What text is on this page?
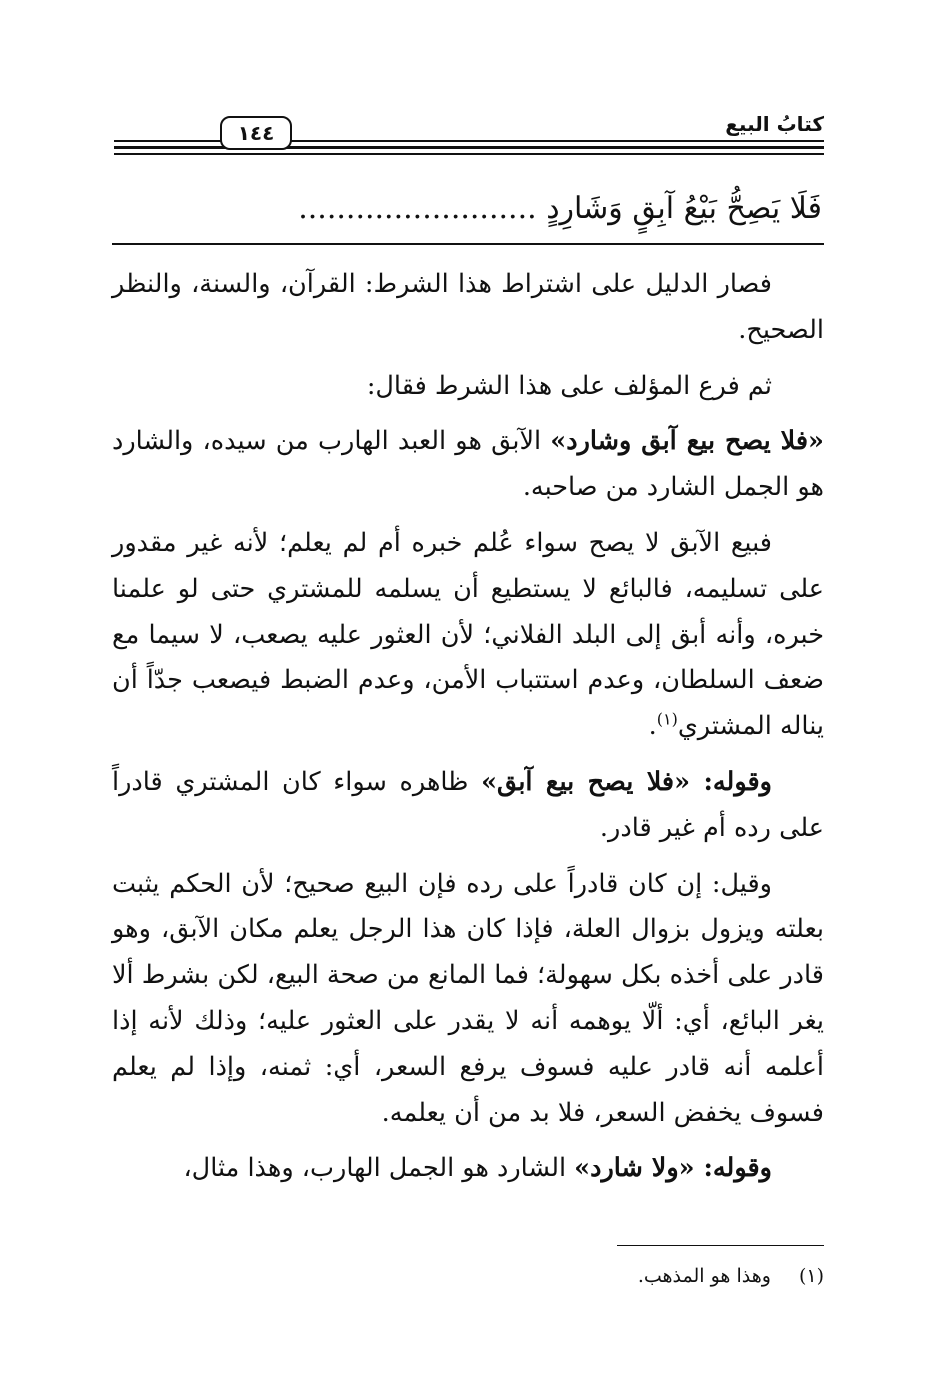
كتابُ البيع
١٤٤
فَلَا يَصِحُّ بَيْعُ آبِقٍ وَشَارِدٍ .........................

فصار الدليل على اشتراط هذا الشرط: القرآن، والسنة، والنظر الصحيح.

ثم فرع المؤلف على هذا الشرط فقال:

«فلا يصح بيع آبق وشارد» الآبق هو العبد الهارب من سيده، والشارد هو الجمل الشارد من صاحبه.

فبيع الآبق لا يصح سواء عُلم خبره أم لم يعلم؛ لأنه غير مقدور على تسليمه، فالبائع لا يستطيع أن يسلمه للمشتري حتى لو علمنا خبره، وأنه أبق إلى البلد الفلاني؛ لأن العثور عليه يصعب، لا سيما مع ضعف السلطان، وعدم استتباب الأمن، وعدم الضبط فيصعب جدّاً أن يناله المشتري$^{(١)}$.

وقوله: «فلا يصح بيع آبق» ظاهره سواء كان المشتري قادراً على رده أم غير قادر.

وقيل: إن كان قادراً على رده فإن البيع صحيح؛ لأن الحكم يثبت بعلته ويزول بزوال العلة، فإذا كان هذا الرجل يعلم مكان الآبق، وهو قادر على أخذه بكل سهولة؛ فما المانع من صحة البيع، لكن بشرط ألا يغر البائع، أي: ألّا يوهمه أنه لا يقدر على العثور عليه؛ وذلك لأنه إذا أعلمه أنه قادر عليه فسوف يرفع السعر، أي: ثمنه، وإذا لم يعلم فسوف يخفض السعر، فلا بد من أن يعلمه.

وقوله: «ولا شارد» الشارد هو الجمل الهارب، وهذا مثال،

(١)وهذا هو المذهب.
